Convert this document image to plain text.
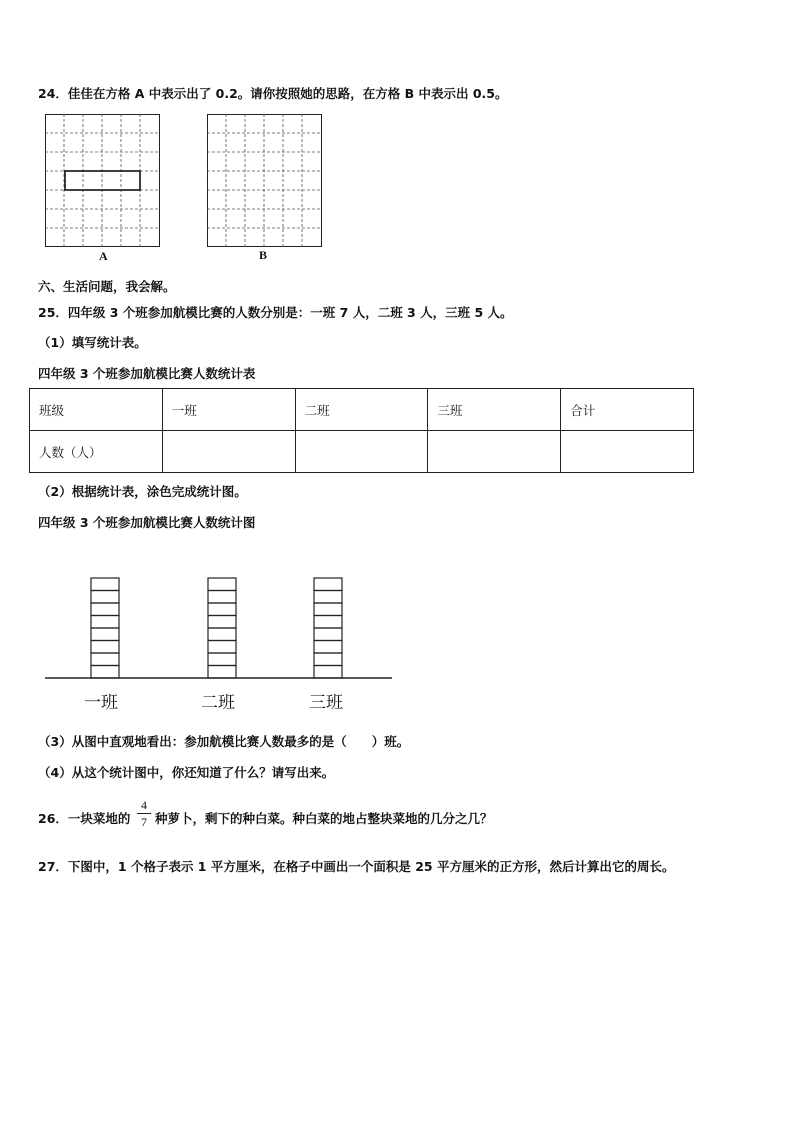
24．佳佳在方格 A 中表示出了 0.2。请你按照她的思路，在方格 B 中表示出 0.5。
A	B
六、生活问题，我会解。
25．四年级 3 个班参加航模比赛的人数分别是：一班 7 人，二班 3 人，三班 5 人。
（1）填写统计表。
四年级 3 个班参加航模比赛人数统计表
班级	一班	二班	三班	合计
人数（人）				
（2）根据统计表，涂色完成统计图。
四年级 3 个班参加航模比赛人数统计图
一班	二班	三班
（3）从图中直观地看出：参加航模比赛人数最多的是（　　）班。
（4）从这个统计图中，你还知道了什么？请写出来。
26．一块菜地的
4
7 种萝卜，剩下的种白菜。种白菜的地占整块菜地的几分之几？
27．下图中，1 个格子表示 1 平方厘米，在格子中画出一个面积是 25 平方厘米的正方形，然后计算出它的周长。
